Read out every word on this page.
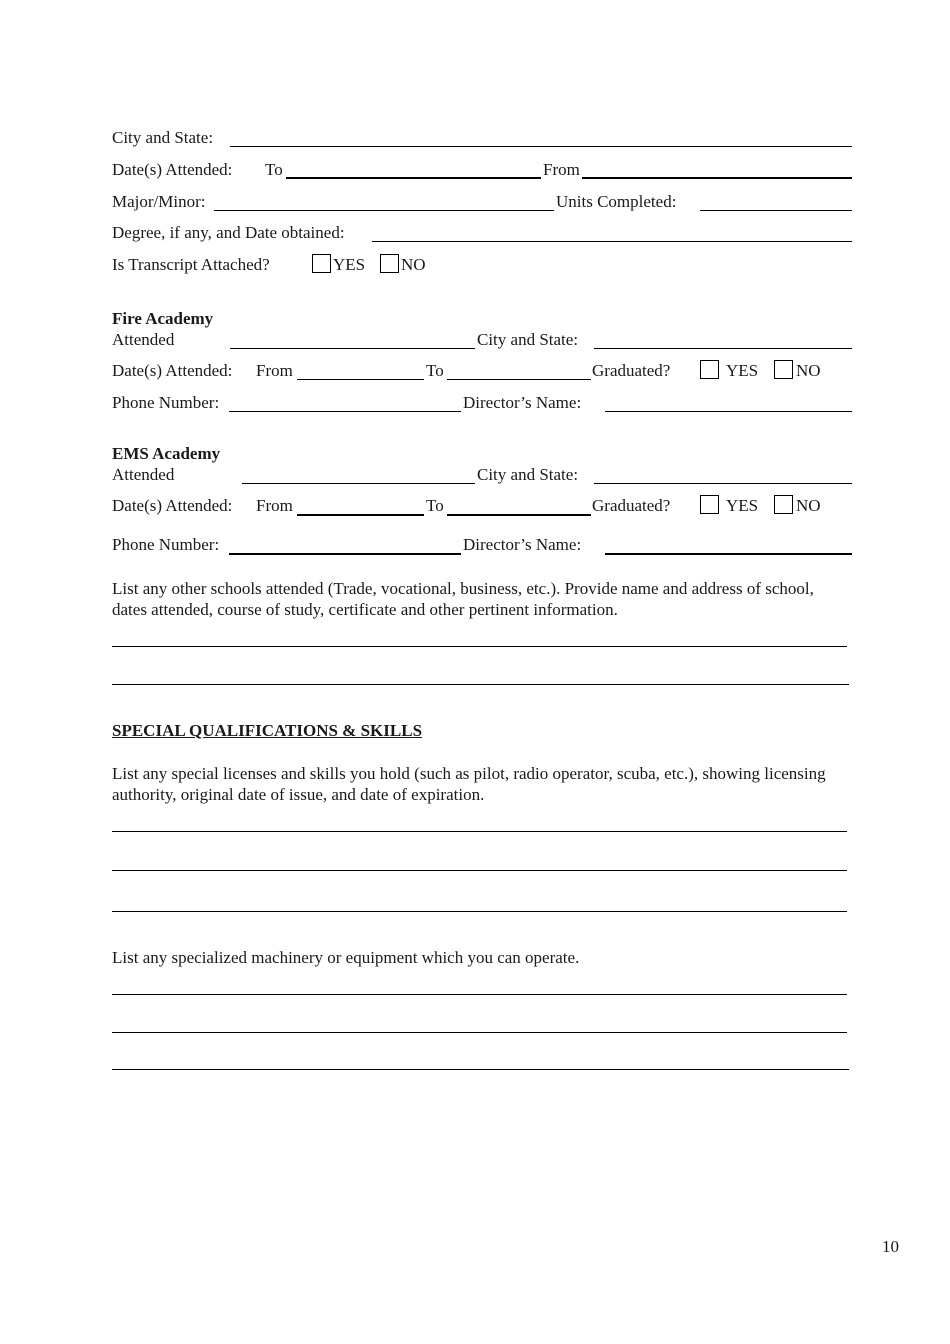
City and State:
Date(s) Attended: To	From
Major/Minor:	Units Completed:
Degree, if any, and Date obtained:
Is Transcript Attached?	YES NO
Fire Academy
Attended	City and State:
Date(s) Attended: From	To	Graduated?	YES NO
Phone Number:	Director’s Name:
EMS Academy
Attended	City and State:
Date(s) Attended: From	To	Graduated?	YES NO
Phone Number:	Director’s Name:
List any other schools attended (Trade, vocational, business, etc.). Provide name and address of school, dates attended, course of study, certificate and other pertinent information.
SPECIAL QUALIFICATIONS & SKILLS
List any special licenses and skills you hold (such as pilot, radio operator, scuba, etc.), showing licensing authority, original date of issue, and date of expiration.
List any specialized machinery or equipment which you can operate.
10
